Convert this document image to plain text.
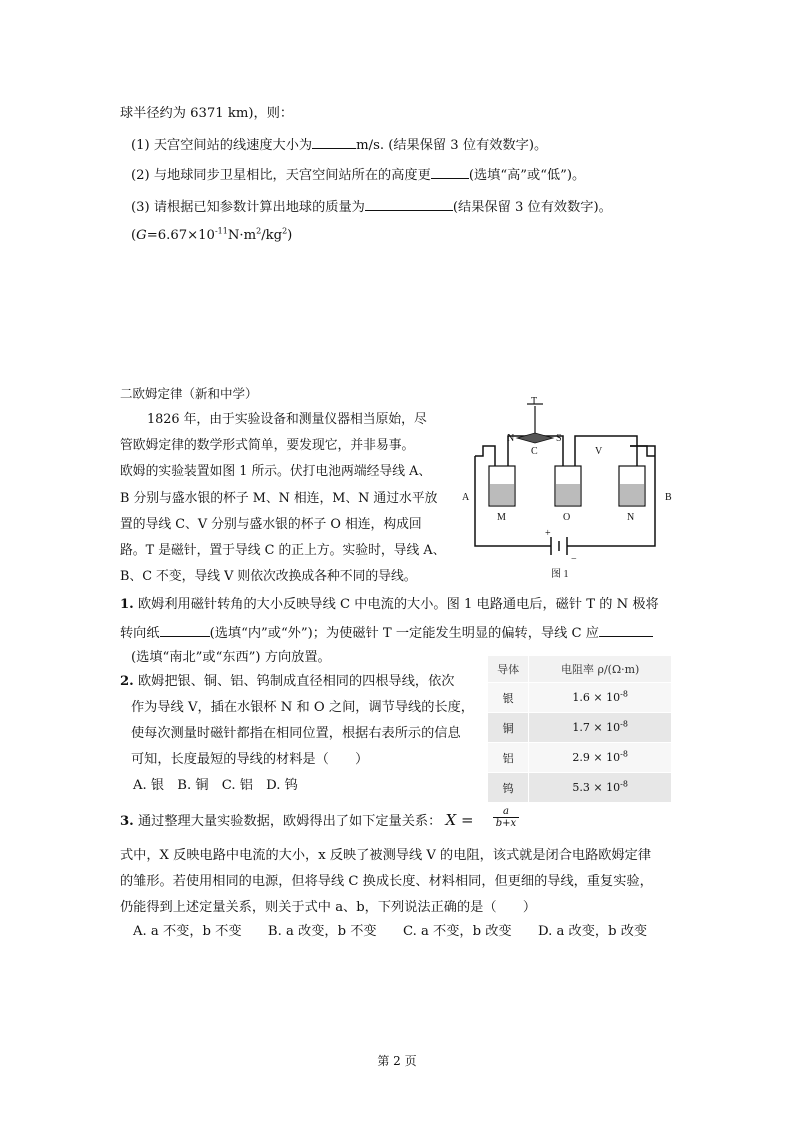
球半径约为 6371 km)，则：
(1) 天宫空间站的线速度大小为	m/s. (结果保留 3 位有效数字)。
(2) 与地球同步卫星相比，天宫空间站所在的高度更	(选填“高”或“低”)。
(3) 请根据已知参数计算出地球的质量为	(结果保留 3 位有效数字)。
$(G=6.67\times 10^{-11}N\cdot m^2/kg^2)$
二欧姆定律（新和中学）
1826 年，由于实验设备和测量仪器相当原始，尽
管欧姆定律的数学形式简单，要发现它，并非易事。
欧姆的实验装置如图 1 所示。伏打电池两端经导线 A、
B 分别与盛水银的杯子 M、N 相连，M、N 通过水平放
置的导线 C、V 分别与盛水银的杯子 O 相连，构成回
路。T 是磁针，置于导线 C 的正上方。实验时，导线 A、
B、C 不变，导线 V 则依次改换成各种不同的导线。
T
N	S
C	V
A	B
M	O	N
+
−
图 1
1. 欧姆利用磁针转角的大小反映导线 C 中电流的大小。图 1 电路通电后，磁针 T 的 N 极将
转向纸	(选填“内”或“外”)；为使磁针 T 一定能发生明显的偏转，导线 C 应
(选填“南北”或“东西”) 方向放置。
2. 欧姆把银、铜、铝、钨制成直径相同的四根导线，依次
作为导线 V，插在水银杯 N 和 O 之间，调节导线的长度，
使每次测量时磁针都指在相同位置，根据右表所示的信息
可知，长度最短的导线的材料是（　　）
A. 银　B. 铜　C. 铝　D. 钨
导体	电阻率 ρ/(Ω·m)
银	$1.6 \times 10^{-8}$
铜	$1.7 \times 10^{-8}$
铝	$2.9 \times 10^{-8}$
钨	$5.3 \times 10^{-8}$
3. 通过整理大量实验数据，欧姆得出了如下定量关系： $X = \frac{a}{b+x}$
式中，X 反映电路中电流的大小，x 反映了被测导线 V 的电阻，该式就是闭合电路欧姆定律
的雏形。若使用相同的电源，但将导线 C 换成长度、材料相同，但更细的导线，重复实验，
仍能得到上述定量关系，则关于式中 a、b，下列说法正确的是（　　）
A. a 不变，b 不变　　B. a 改变，b 不变　　C. a 不变，b 改变　　D. a 改变，b 改变
第 2 页
